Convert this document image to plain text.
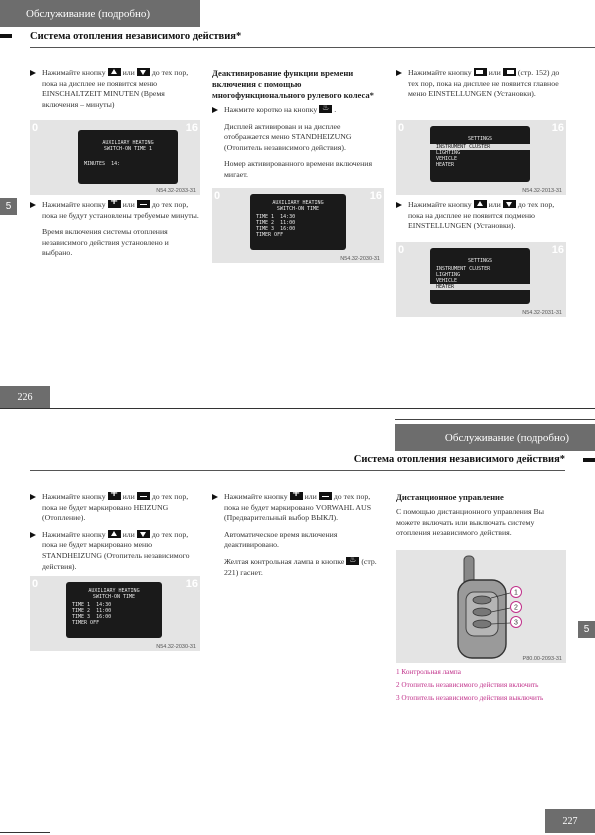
Обслуживание (подробно)
Система отопления независимого действия*
Нажимайте кнопку или до тех пор, пока на дисплее не появится меню EINSCHALTZEIT MINUTEN (Время включения – минуты)
0	16
AUXILIARY HEATING
SWITCH-ON TIME 1
MINUTES  14:
N54.32-2033-31
Нажимайте кнопку + или до тех пор, пока не будут установлены требуемые минуты.
Время включения системы отопления независимого действия установлено и выбрано.
5
Деактивирование функции времени включения с помощью многофункционального рулевого колеса*
Нажмите коротко на кнопку ♨ .
Дисплей активирован и на дисплее отображается меню STANDHEIZUNG (Отопитель независимого действия).
Номер активированного времени включения мигает.
0	16
AUXILIARY HEATING
SWITCH-ON TIME
TIME 1  14:30
TIME 2  11:00
TIME 3  16:00
TIMER OFF
N54.32-2030-31
Нажимайте кнопку или (стр. 152) до тех пор, пока на дисплее не появится главное меню EINSTELLUNGEN (Установки).
0	16
SETTINGS
INSTRUMENT CLUSTER
LIGHTING
VEHICLE
HEATER
N54.32-2013-31
Нажимайте кнопку или до тех пор, пока на дисплее не появится подменю EINSTELLUNGEN (Установки).
0	16
SETTINGS
INSTRUMENT CLUSTER
LIGHTING
VEHICLE
HEATER
N54.32-2031-31
226
Обслуживание (подробно)
Система отопления независимого действия*
Нажимайте кнопку + или до тех пор, пока не будет маркировано HEIZUNG (Отопление).
Нажимайте кнопку или до тех пор, пока не будет маркировано меню STANDHEIZUNG (Отопитель независимого действия).
0	16
AUXILIARY HEATING
SWITCH-ON TIME
TIME 1  14:30
TIME 2  11:00
TIME 3  16:00
TIMER OFF
N54.32-2030-31
Нажимайте кнопку + или до тех пор, пока не будет маркировано VORWAHL AUS (Предварительный выбор ВЫКЛ).
Автоматическое время включения деактивировано.
Желтая контрольная лампа в кнопке ♨ (стр. 221) гаснет.
Дистанционное управление
С помощью дистанционного управления Вы можете включать или выключать систему отопления независимого действия.
1
2
3
P80.00-2093-31
1 Контрольная лампа
2 Отопитель независимого действия включить
3 Отопитель независимого действия выключить
5
227
